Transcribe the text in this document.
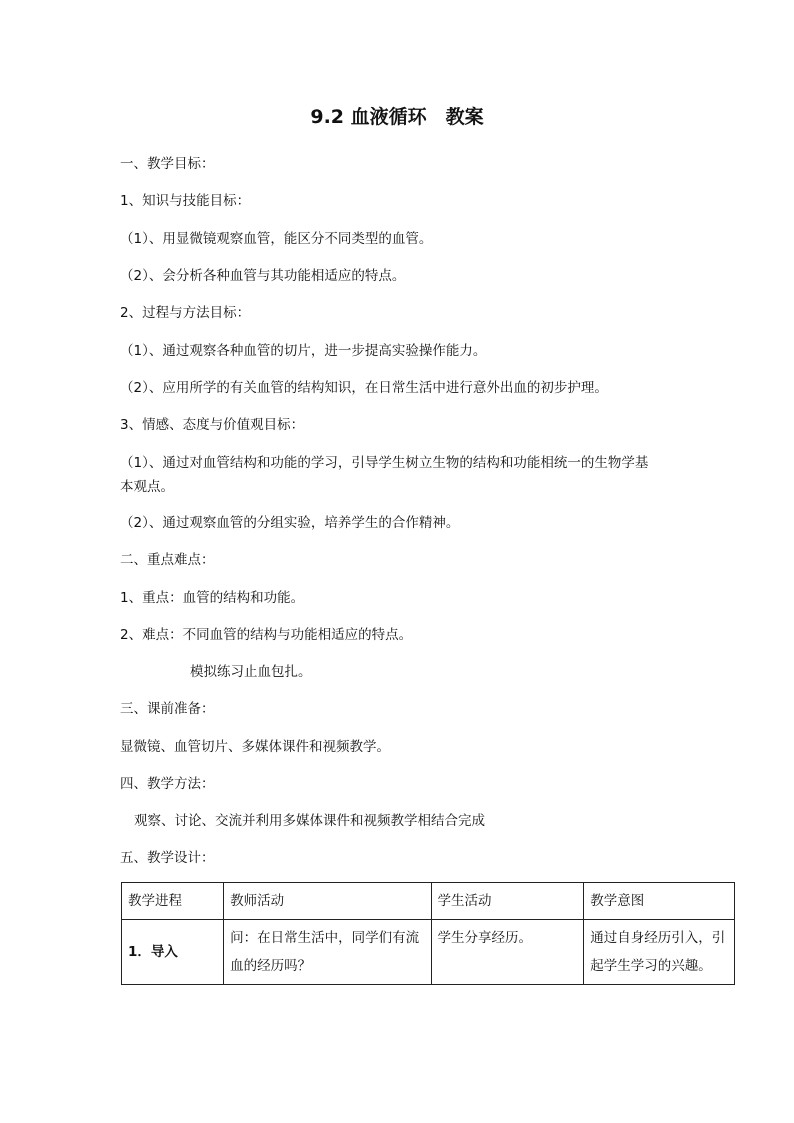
9.2 血液循环　教案
一、教学目标：
1、知识与技能目标：
（1）、用显微镜观察血管，能区分不同类型的血管。
（2）、会分析各种血管与其功能相适应的特点。
2、过程与方法目标：
（1）、通过观察各种血管的切片，进一步提高实验操作能力。
（2）、应用所学的有关血管的结构知识，在日常生活中进行意外出血的初步护理。
3、情感、态度与价值观目标：
（1）、通过对血管结构和功能的学习，引导学生树立生物的结构和功能相统一的生物学基
本观点。
（2）、通过观察血管的分组实验，培养学生的合作精神。
二、重点难点：
1、重点：血管的结构和功能。
2、难点：不同血管的结构与功能相适应的特点。
模拟练习止血包扎。
三、课前准备：
显微镜、血管切片、多媒体课件和视频教学。
四、教学方法：
观察、讨论、交流并利用多媒体课件和视频教学相结合完成
五、教学设计：
教学进程	教师活动	学生活动	教学意图
1．导入	问：在日常生活中，同学们有流血的经历吗？	学生分享经历。	通过自身经历引入，引起学生学习的兴趣。
